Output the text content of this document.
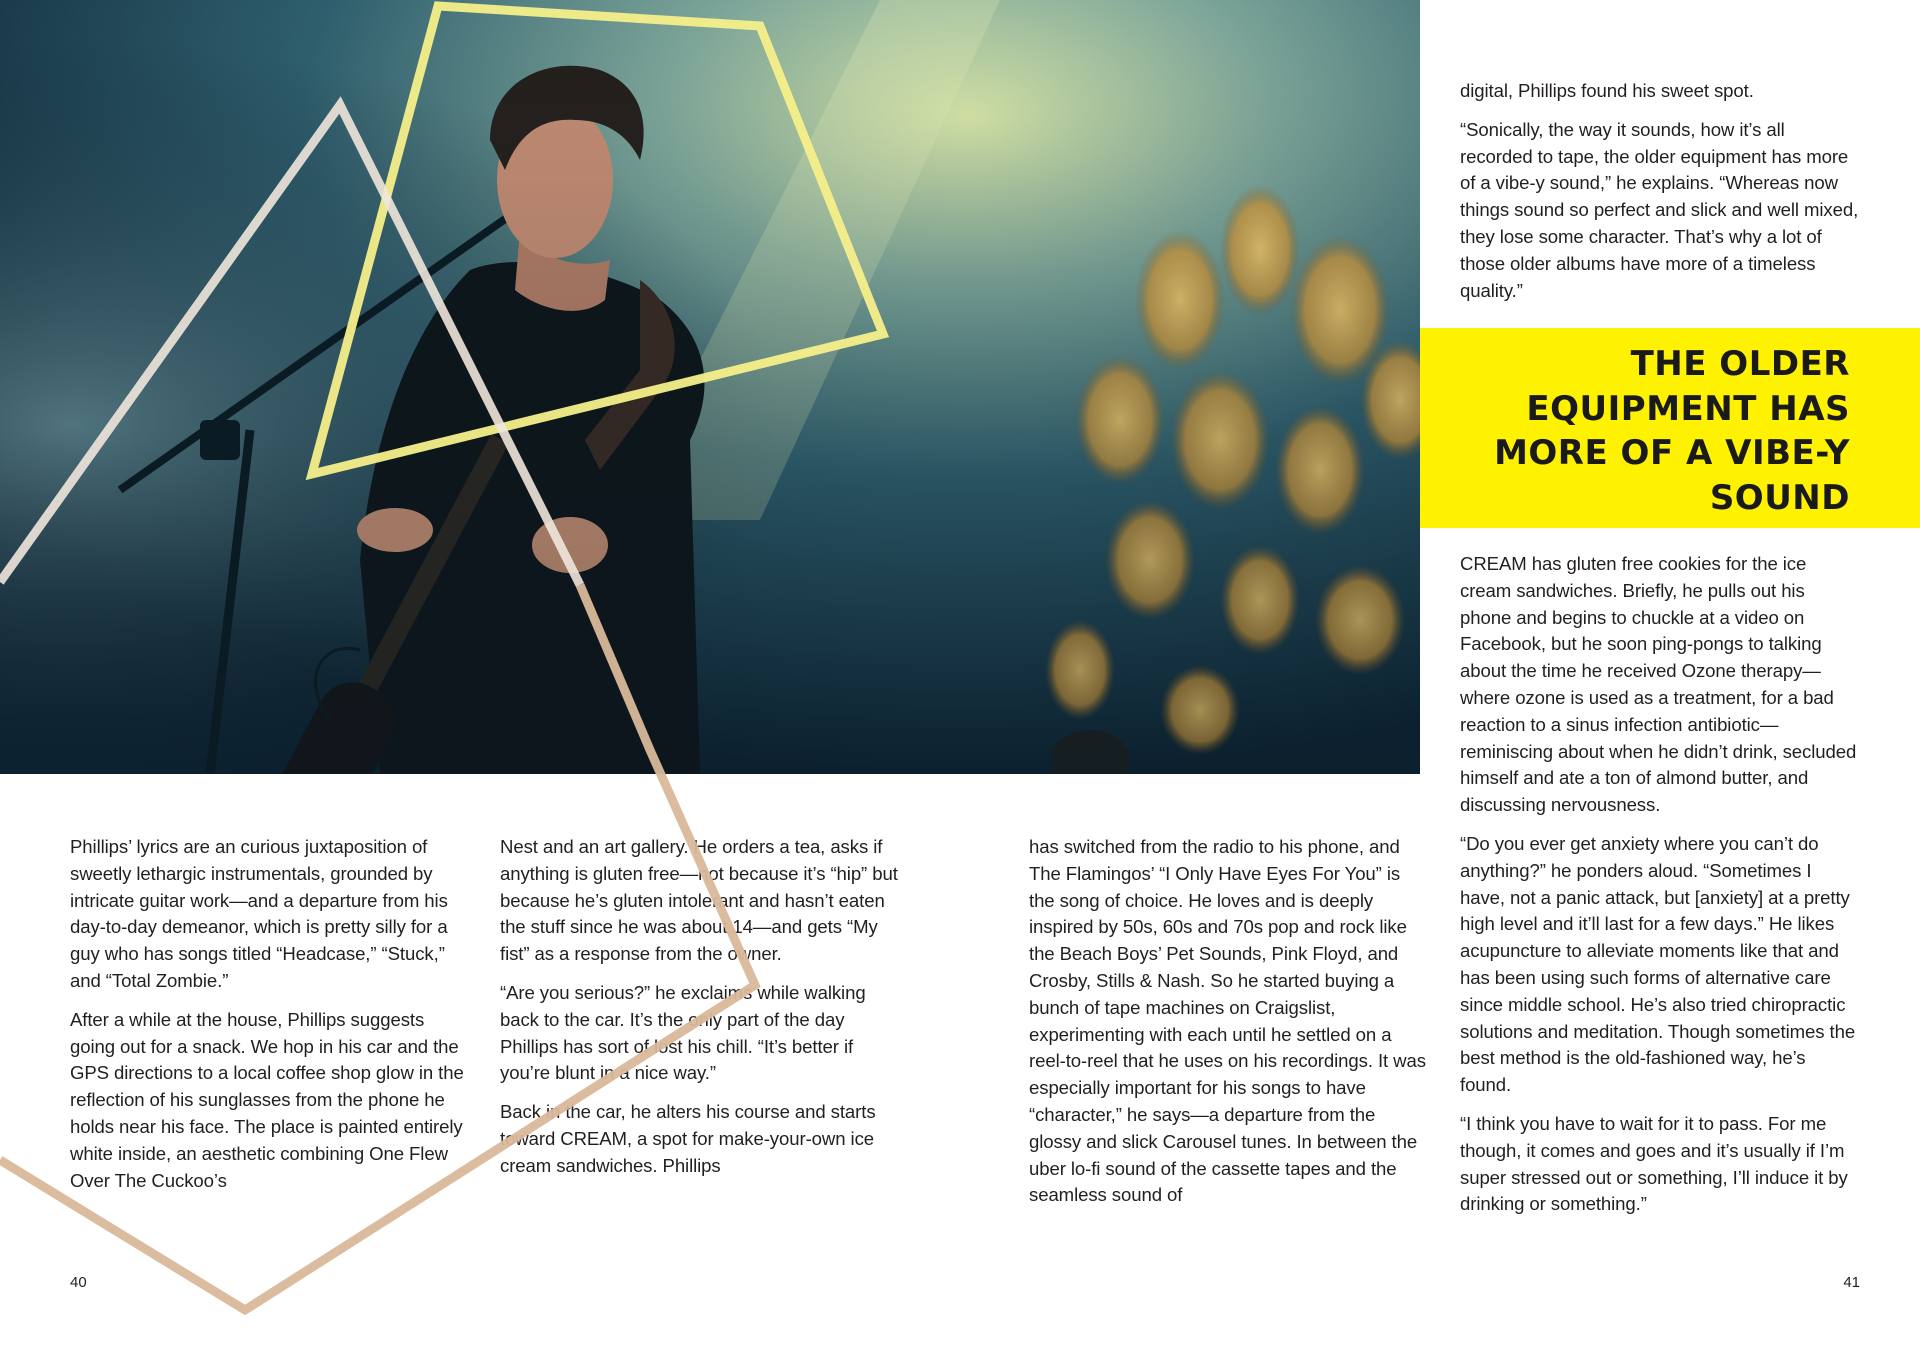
THE OLDER EQUIPMENT HAS MORE OF A VIBE-Y SOUND

digital, Phillips found his sweet spot.

“Sonically, the way it sounds, how it’s all recorded to tape, the older equipment has more of a vibe-y sound,” he explains. “Whereas now things sound so perfect and slick and well mixed, they lose some character. That’s why a lot of those older albums have more of a timeless quality.”

CREAM has gluten free cookies for the ice cream sandwiches. Briefly, he pulls out his phone and begins to chuckle at a video on Facebook, but he soon ping-pongs to talking about the time he received Ozone therapy—where ozone is used as a treatment, for a bad reaction to a sinus infection antibiotic—reminiscing about when he didn’t drink, secluded himself and ate a ton of almond butter, and discussing nervousness.

“Do you ever get anxiety where you can’t do anything?” he ponders aloud. “Sometimes I have, not a panic attack, but [anxiety] at a pretty high level and it’ll last for a few days.” He likes acupuncture to alleviate moments like that and has been using such forms of alternative care since middle school. He’s also tried chiropractic solutions and meditation. Though sometimes the best method is the old-fashioned way, he’s found.

“I think you have to wait for it to pass. For me though, it comes and goes and it’s usually if I’m super stressed out or something, I’ll induce it by drinking or something.”

Phillips’ lyrics are an curious juxtaposition of sweetly lethargic instrumentals, grounded by intricate guitar work—and a departure from his day-to-day demeanor, which is pretty silly for a guy who has songs titled “Headcase,” “Stuck,” and “Total Zombie.”

After a while at the house, Phillips suggests going out for a snack. We hop in his car and the GPS directions to a local coffee shop glow in the reflection of his sunglasses from the phone he holds near his face. The place is painted entirely white inside, an aesthetic combining One Flew Over The Cuckoo’s

Nest and an art gallery. He orders a tea, asks if anything is gluten free—not because it’s “hip” but because he’s gluten intolerant and hasn’t eaten the stuff since he was about 14—and gets “My fist” as a response from the owner.

“Are you serious?” he exclaims while walking back to the car. It’s the only part of the day Phillips has sort of lost his chill. “It’s better if you’re blunt in a nice way.”

Back in the car, he alters his course and starts toward CREAM, a spot for make-your-own ice cream sandwiches. Phillips

has switched from the radio to his phone, and The Flamingos’ “I Only Have Eyes For You” is the song of choice. He loves and is deeply inspired by 50s, 60s and 70s pop and rock like the Beach Boys’ Pet Sounds, Pink Floyd, and Crosby, Stills & Nash. So he started buying a bunch of tape machines on Craigslist, experimenting with each until he settled on a reel-to-reel that he uses on his recordings. It was especially important for his songs to have “character,” he says—a departure from the glossy and slick Carousel tunes. In between the uber lo-fi sound of the cassette tapes and the seamless sound of

40	41
